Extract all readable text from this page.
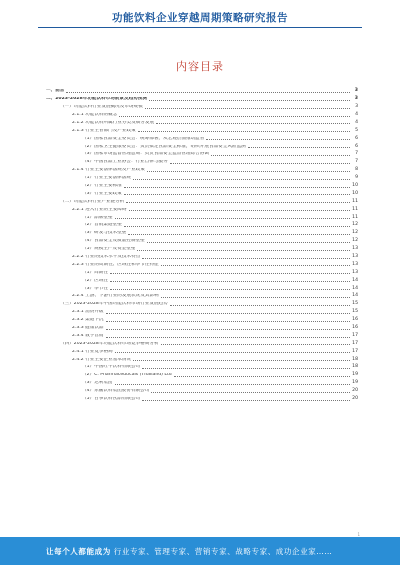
功能饮料企业穿越周期策略研究报告
内容目录
一、前言	3
二、2023-2028年功能饮料市场前景及趋势预测	3
（一）功能饮料行业发展概况及市场规模	3
2.1.1 功能饮料的概念	4
2.1.2 功能饮料所属行业分类及细分发展	4
2.1.3 行业主管部门及产业政策	5
（1）国家食品安全委员会：统筹部署，从宏观层面推动监管	6
（2）国家卫生健康委员会：负责拟定食品安全标准，组织开展食品安全风险监测	6
（3）国家市场监督管理总局：负责食品安全监督管理综合协调	7
（4）中国食品工业协会：行业自律与服务	7
2.1.4 行业主要法律法规及产业政策	8
（1）行业主要法律法规	9
（2）行业主要标准	10
（3）行业主要政策	10
（二）功能饮料行业产业链分析	11
2.2.1 进入行业的主要障碍	11
（1）品牌壁垒	11
（2）营销渠道壁垒	12
（3）研发与技术壁垒	12
（4）食品安全及质量控制壁垒	12
（5）规模生产及资金壁垒	13
2.2.2 行业的技术水平及技术特点	13
2.2.3 行业的周期性、区域性和季节性特征	13
（1）周期性	13
（2）区域性	14
（3）季节性	14
2.2.4 上游、下游行业的发展状况及其影响	14
（三）2023-2028年中国功能饮料市场行业发展趋势	15
2.3.1 消费升级	15
2.3.2 渠道下沉	16
2.3.3 健康饮品	16
2.3.4 数字营销	17
（四）2023-2028年功能饮料市场竞争格局分析	17
2.4.1 行业竞争格局	17
2.4.2 行业主要企业基本情况	18
（1）中国红牛饮料有限公司	18
（2）C. Pharmaceuticals (Thailand) Ltd	19
（3）达利集团	19
（4）东鹏饮料集团股份有限公司	20
（5）百事饮料食品有限公司	20
1
让每个人都能成为 行业专家、管理专家、营销专家、战略专家、成功企业家……
